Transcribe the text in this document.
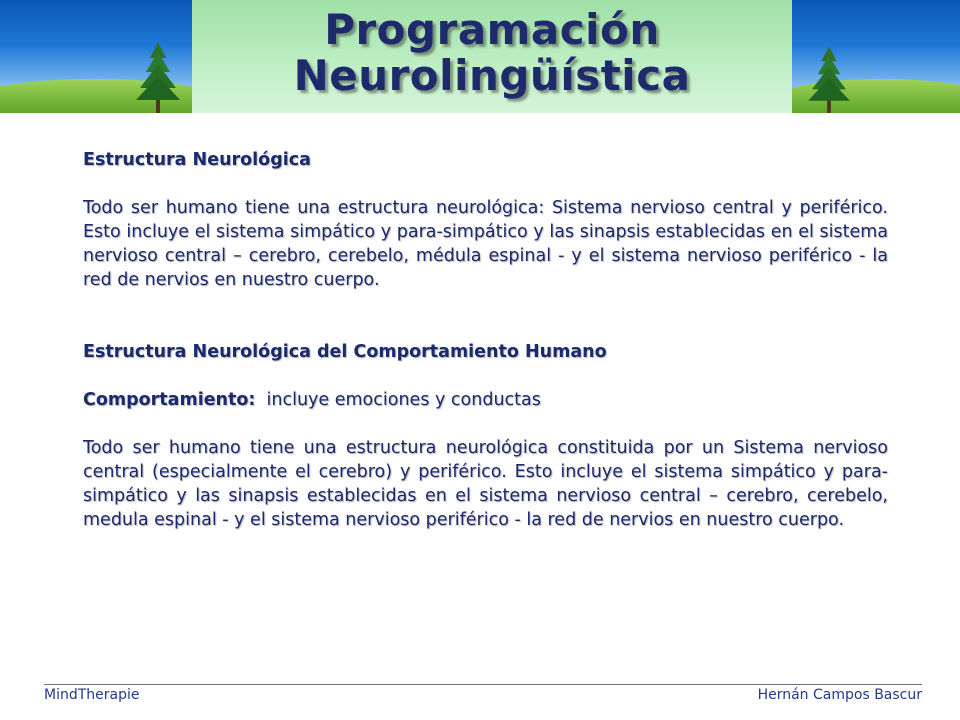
Programación
Neurolingüística

Estructura Neurológica

Todo ser humano tiene una estructura neurológica: Sistema nervioso central y periférico. Esto incluye el sistema simpático y para-simpático y las sinapsis establecidas en el sistema nervioso central – cerebro, cerebelo, médula espinal - y el sistema nervioso periférico - la red de nervios en nuestro cuerpo.

Estructura Neurológica del Comportamiento Humano

Comportamiento:  incluye emociones y conductas

Todo ser humano tiene una estructura neurológica constituida por un Sistema nervioso central (especialmente el cerebro) y periférico. Esto incluye el sistema simpático y para-simpático y las sinapsis establecidas en el sistema nervioso central – cerebro, cerebelo, medula espinal - y el sistema nervioso periférico - la red de nervios en nuestro cuerpo.

MindTherapie	Hernán Campos Bascur
